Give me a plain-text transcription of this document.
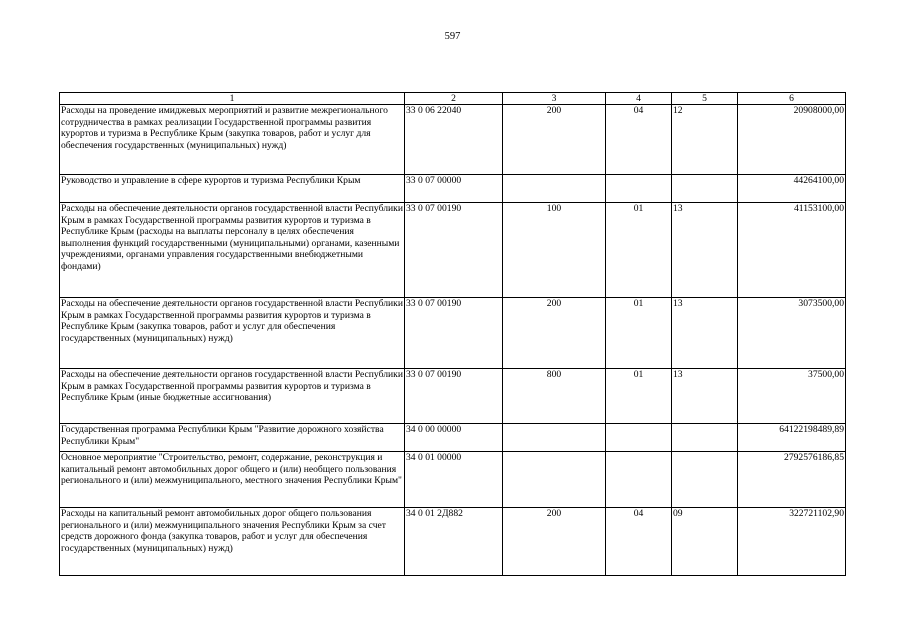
597
1	2	3	4	5	6
Расходы на проведение имиджевых мероприятий и развитие межрегионального сотрудничества в рамках реализации Государственной программы развития курортов и туризма в Республике Крым (закупка товаров, работ и услуг для обеспечения государственных (муниципальных) нужд)	33 0 06 22040	200	04	12	20908000,00
Руководство и управление в сфере курортов и туризма Республики Крым	33 0 07 00000				44264100,00
Расходы на обеспечение деятельности органов государственной власти Республики Крым в рамках Государственной программы развития курортов и туризма в Республике Крым (расходы на выплаты персоналу в целях обеспечения выполнения функций государственными (муниципальными) органами, казенными учреждениями, органами управления государственными внебюджетными фондами)	33 0 07 00190	100	01	13	41153100,00
Расходы на обеспечение деятельности органов государственной власти Республики Крым в рамках Государственной программы развития курортов и туризма в Республике Крым (закупка товаров, работ и услуг для обеспечения государственных (муниципальных) нужд)	33 0 07 00190	200	01	13	3073500,00
Расходы на обеспечение деятельности органов государственной власти Республики Крым в рамках Государственной программы развития курортов и туризма в Республике Крым (иные бюджетные ассигнования)	33 0 07 00190	800	01	13	37500,00
Государственная программа Республики Крым "Развитие дорожного хозяйства Республики Крым"	34 0 00 00000				64122198489,89
Основное мероприятие "Строительство, ремонт, содержание, реконструкция и капитальный ремонт автомобильных дорог общего и (или) необщего пользования регионального и (или) межмуниципального, местного значения Республики Крым"	34 0 01 00000				2792576186,85
Расходы на капитальный ремонт автомобильных дорог общего пользования регионального и (или) межмуниципального значения Республики Крым за счет средств дорожного фонда (закупка товаров, работ и услуг для обеспечения государственных (муниципальных) нужд)	34 0 01 2Д882	200	04	09	322721102,90
